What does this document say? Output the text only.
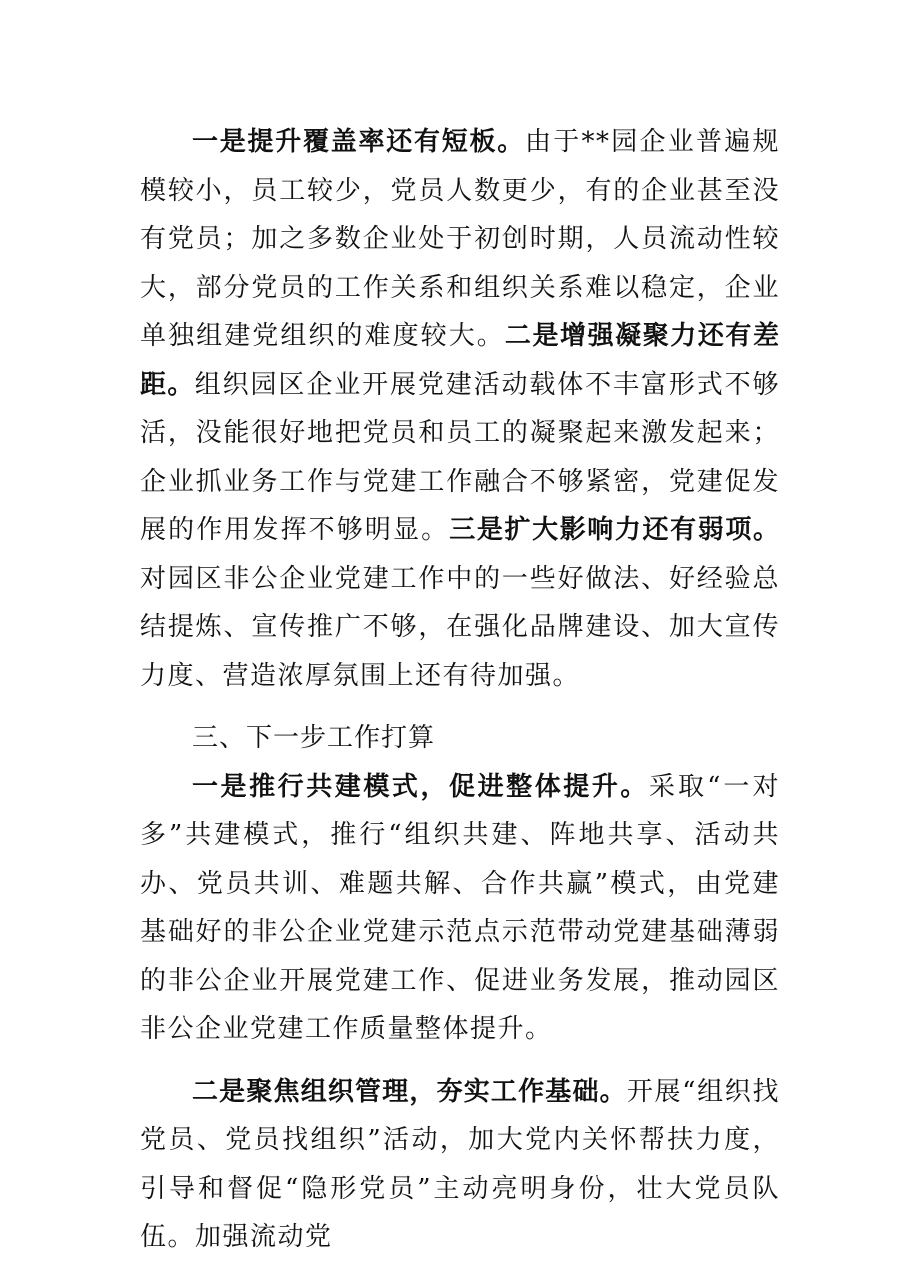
一是提升覆盖率还有短板。由于**园企业普遍规模较小，员工较少，党员人数更少，有的企业甚至没有党员；加之多数企业处于初创时期，人员流动性较大，部分党员的工作关系和组织关系难以稳定，企业单独组建党组织的难度较大。二是增强凝聚力还有差距。组织园区企业开展党建活动载体不丰富形式不够活，没能很好地把党员和员工的凝聚起来激发起来；企业抓业务工作与党建工作融合不够紧密，党建促发展的作用发挥不够明显。三是扩大影响力还有弱项。对园区非公企业党建工作中的一些好做法、好经验总结提炼、宣传推广不够，在强化品牌建设、加大宣传力度、营造浓厚氛围上还有待加强。

三、下一步工作打算

一是推行共建模式，促进整体提升。采取“一对多”共建模式，推行“组织共建、阵地共享、活动共办、党员共训、难题共解、合作共赢”模式，由党建基础好的非公企业党建示范点示范带动党建基础薄弱的非公企业开展党建工作、促进业务发展，推动园区非公企业党建工作质量整体提升。

二是聚焦组织管理，夯实工作基础。开展“组织找党员、党员找组织”活动，加大党内关怀帮扶力度，引导和督促“隐形党员”主动亮明身份，壮大党员队伍。加强流动党
